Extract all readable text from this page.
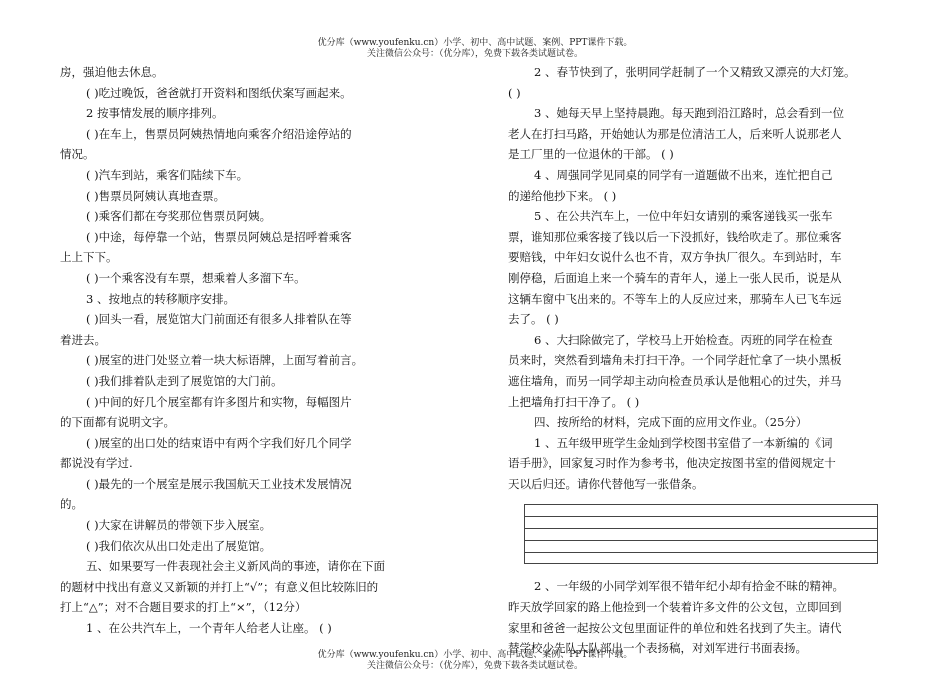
优分库（www.youfenku.cn）小学、初中、高中试题、案例、PPT课件下载。
关注微信公众号：（优分库），免费下载各类试题试卷。

房，强迫他去休息。

( )吃过晚饭，爸爸就打开资料和图纸伏案写画起来。

2 按事情发展的顺序排列。

( )在车上，售票员阿姨热情地向乘客介绍沿途停站的

情况。

( )汽车到站，乘客们陆续下车。

( )售票员阿姨认真地查票。

( )乘客们都在夸奖那位售票员阿姨。

( )中途，每停靠一个站，售票员阿姨总是招呼着乘客

上上下下。

( )一个乘客没有车票，想乘着人多溜下车。

3 、按地点的转移顺序安排。

( )回头一看，展览馆大门前面还有很多人排着队在等

着进去。

( )展室的进门处竖立着一块大标语牌，上面写着前言。

( )我们排着队走到了展览馆的大门前。

( )中间的好几个展室都有许多图片和实物，每幅图片

的下面都有说明文字。

( )展室的出口处的结束语中有两个字我们好几个同学

都说没有学过.

( )最先的一个展室是展示我国航天工业技术发展情况

的。

( )大家在讲解员的带领下步入展室。

( )我们依次从出口处走出了展览馆。

五、如果要写一件表现社会主义新风尚的事迹，请你在下面

的题材中找出有意义又新颖的并打上“√”；有意义但比较陈旧的

打上“△”；对不合题目要求的打上“×”，（12分）

1 、在公共汽车上，一个青年人给老人让座。 ( )

2 、春节快到了，张明同学赶制了一个又精致又漂亮的大灯笼。

( )

3 、她每天早上坚持晨跑。每天跑到沿江路时，总会看到一位

老人在打扫马路，开始她认为那是位清洁工人，后来听人说那老人

是工厂里的一位退休的干部。 ( )

4 、周强同学见同桌的同学有一道题做不出来，连忙把自己

的递给他抄下来。 ( )

5 、在公共汽车上，一位中年妇女请别的乘客递钱买一张车

票，谁知那位乘客接了钱以后一下没抓好，钱给吹走了。那位乘客

要赔钱，中年妇女说什么也不肯，双方争执厂很久。车到站时，车

刚停稳，后面追上来一个骑车的青年人，递上一张人民币，说是从

这辆车窗中飞出来的。不等车上的人反应过来，那骑车人已飞车远

去了。 ( )

6 、大扫除做完了，学校马上开始检查。丙班的同学在检查

员来时，突然看到墙角未打扫干净。一个同学赶忙拿了一块小黑板

遮住墙角，而另一同学却主动向检查员承认是他粗心的过失，并马

上把墙角打扫干净了。 ( )

四、按所给的材料，完成下面的应用文作业。（25分）

1 、五年级甲班学生金灿到学校图书室借了一本新编的《词

语手册》，回家复习时作为参考书，他决定按图书室的借阅规定十

天以后归还。请你代替他写一张借条。

2 、一年级的小同学刘军很不错年纪小却有拾金不昧的精神。

昨天放学回家的路上他捡到一个装着许多文件的公文包，立即回到

家里和爸爸一起按公文包里面证件的单位和姓名找到了失主。请代

替学校少先队大队部出一个表扬稿，对刘军进行书面表扬。

优分库（www.youfenku.cn）小学、初中、高中试题、案例、PPT课件下载。
关注微信公众号：（优分库），免费下载各类试题试卷。
